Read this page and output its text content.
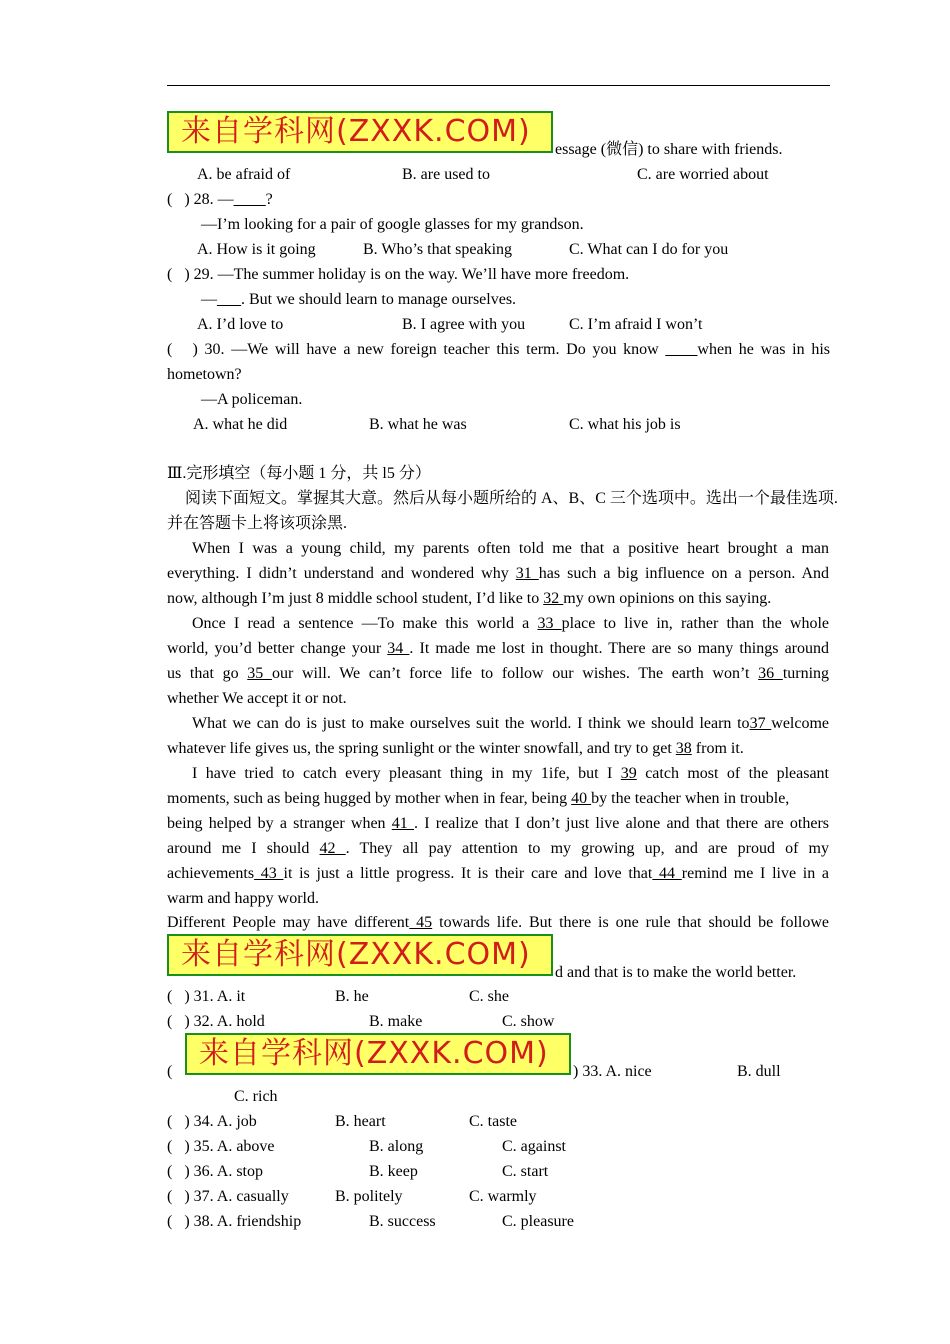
来自学科网(ZXXK.COM)
essage (微信) to share with friends.
A. be afraid of	B. are used to	C. are worried about
( ) 28. —____?
—I’m looking for a pair of google glasses for my grandson.
A. How is it going	B. Who’s that speaking	C. What can I do for you
( ) 29. —The summer holiday is on the way. We’ll have more freedom.
—___. But we should learn to manage ourselves.
A. I’d love to	B. I agree with you	C. I’m afraid I won’t
( ) 30. —We will have a new foreign teacher this term. Do you know ____when he was in his
hometown?
—A policeman.
A. what he did	B. what he was	C. what his job is
Ⅲ.完形填空（每小题 1 分，共 l5 分）
阅读下面短文。掌握其大意。然后从每小题所给的 A、B、C 三个选项中。选出一个最佳选项.
并在答题卡上将该项涂黑.
When I was a young child, my parents often told me that a positive heart brought a man
everything. I didn’t understand and wondered why 31 has such a big influence on a person. And
now, although I’m just 8 middle school student, I’d like to 32 my own opinions on this saying.
Once I read a sentence —To make this world a 33 place to live in, rather than the whole
world, you’d better change your 34 . It made me lost in thought. There are so many things around
us that go 35 our will. We can’t force life to follow our wishes. The earth won’t 36 turning
whether We accept it or not.
What we can do is just to make ourselves suit the world. I think we should learn to37 welcome
whatever life gives us, the spring sunlight or the winter snowfall, and try to get 38 from it.
I have tried to catch every pleasant thing in my 1ife, but I 39 catch most of the pleasant
moments, such as being hugged by mother when in fear, being 40 by the teacher when in trouble,
being helped by a stranger when 41 . I realize that I don’t just live alone and that there are others
around me I should 42 . They all pay attention to my growing up, and are proud of my
achievements 43 it is just a little progress. It is their care and love that 44 remind me I live in a
warm and happy world.
Different People may have different 45 towards life. But there is one rule that should be followe
来自学科网(ZXXK.COM)
d and that is to make the world better.
( ) 31. A. it	B. he	C. she
( ) 32. A. hold	B. make	C. show
(
来自学科网(ZXXK.COM)
) 33. A. nice	B. dull
C. rich
( ) 34. A. job	B. heart	C. taste
( ) 35. A. above	B. along	C. against
( ) 36. A. stop	B. keep	C. start
( ) 37. A. casually	B. politely	C. warmly
( ) 38. A. friendship	B. success	C. pleasure
